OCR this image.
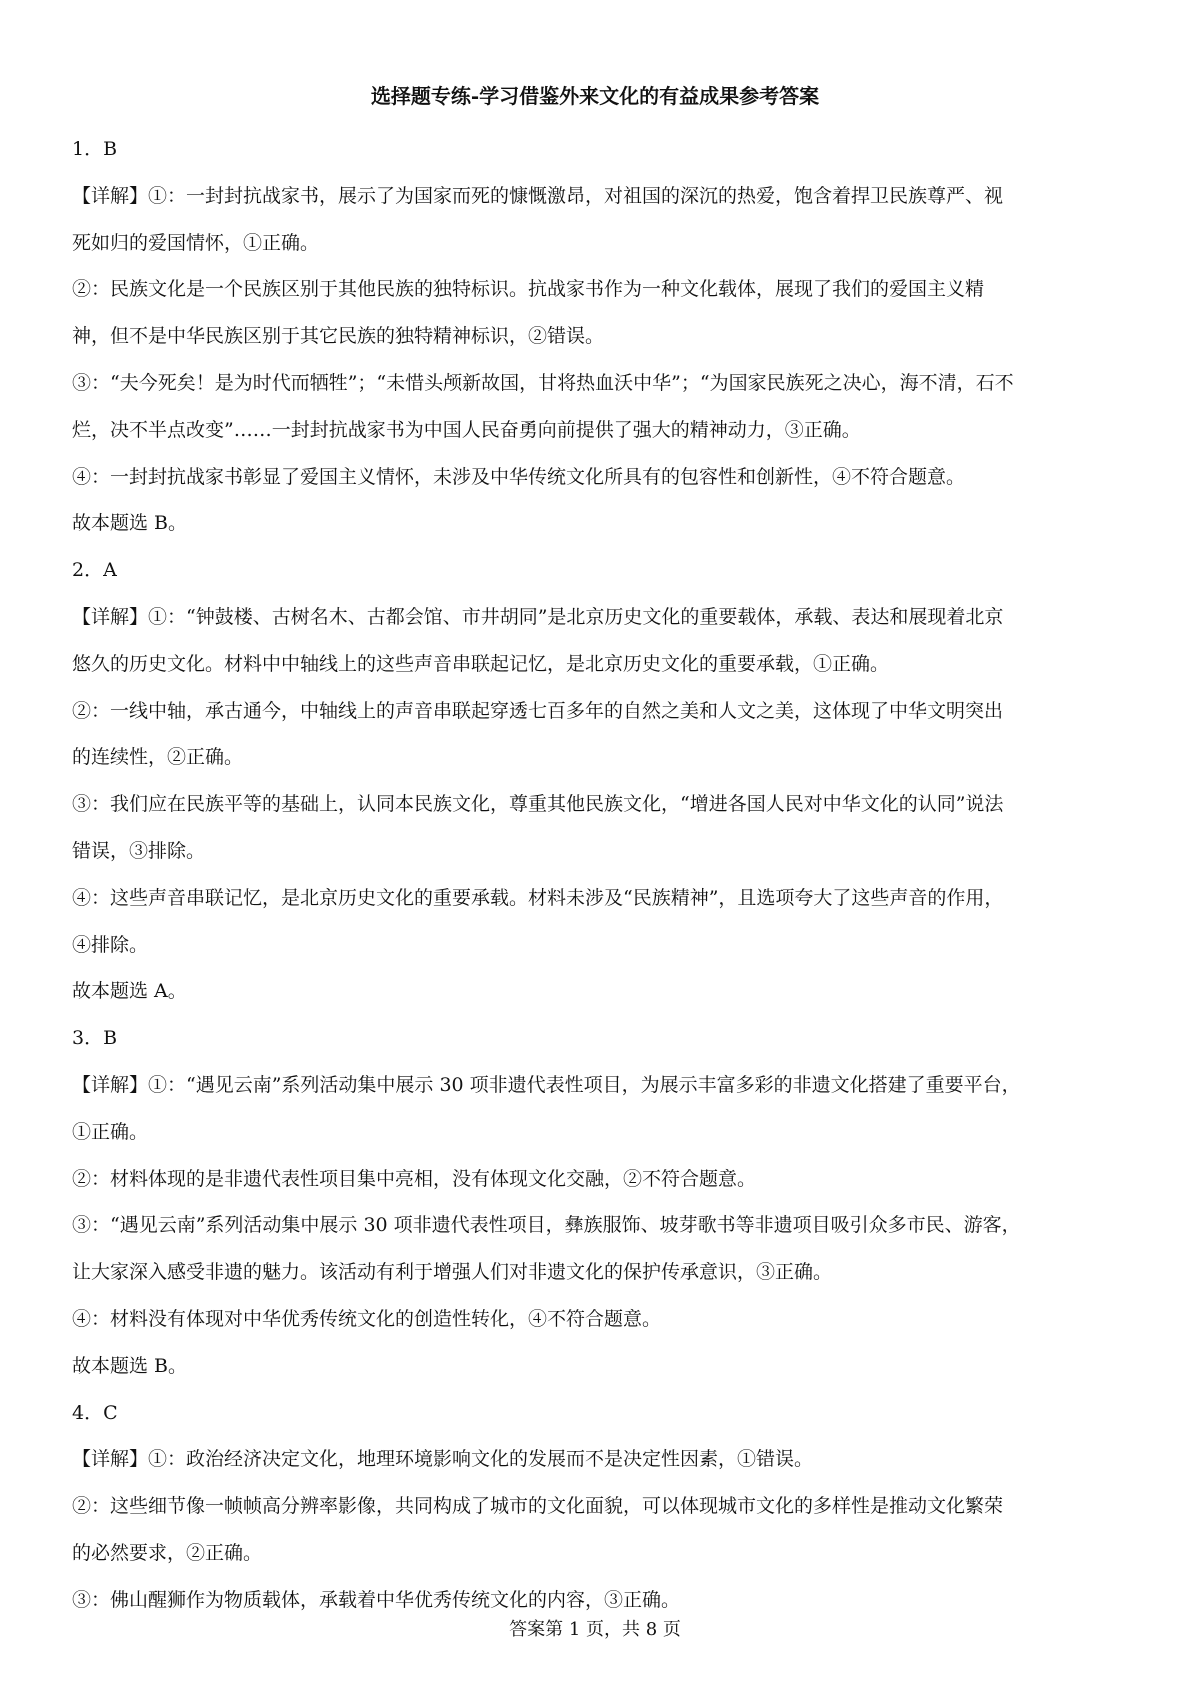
选择题专练-学习借鉴外来文化的有益成果参考答案
1．B
【详解】①：一封封抗战家书，展示了为国家而死的慷慨激昂，对祖国的深沉的热爱，饱含着捍卫民族尊严、视
死如归的爱国情怀，①正确。
②：民族文化是一个民族区别于其他民族的独特标识。抗战家书作为一种文化载体，展现了我们的爱国主义精
神，但不是中华民族区别于其它民族的独特精神标识，②错误。
③：“夫今死矣！是为时代而牺牲”；“未惜头颅新故国，甘将热血沃中华”；“为国家民族死之决心，海不清，石不
烂，决不半点改变”……一封封抗战家书为中国人民奋勇向前提供了强大的精神动力，③正确。
④：一封封抗战家书彰显了爱国主义情怀，未涉及中华传统文化所具有的包容性和创新性，④不符合题意。
故本题选 B。
2．A
【详解】①：“钟鼓楼、古树名木、古都会馆、市井胡同”是北京历史文化的重要载体，承载、表达和展现着北京
悠久的历史文化。材料中中轴线上的这些声音串联起记忆，是北京历史文化的重要承载，①正确。
②：一线中轴，承古通今，中轴线上的声音串联起穿透七百多年的自然之美和人文之美，这体现了中华文明突出
的连续性，②正确。
③：我们应在民族平等的基础上，认同本民族文化，尊重其他民族文化，“增进各国人民对中华文化的认同”说法
错误，③排除。
④：这些声音串联记忆，是北京历史文化的重要承载。材料未涉及“民族精神”，且选项夸大了这些声音的作用，
④排除。
故本题选 A。
3．B
【详解】①：“遇见云南”系列活动集中展示 30 项非遗代表性项目，为展示丰富多彩的非遗文化搭建了重要平台，
①正确。
②：材料体现的是非遗代表性项目集中亮相，没有体现文化交融，②不符合题意。
③：“遇见云南”系列活动集中展示 30 项非遗代表性项目，彝族服饰、坡芽歌书等非遗项目吸引众多市民、游客，
让大家深入感受非遗的魅力。该活动有利于增强人们对非遗文化的保护传承意识，③正确。
④：材料没有体现对中华优秀传统文化的创造性转化，④不符合题意。
故本题选 B。
4．C
【详解】①：政治经济决定文化，地理环境影响文化的发展而不是决定性因素，①错误。
②：这些细节像一帧帧高分辨率影像，共同构成了城市的文化面貌，可以体现城市文化的多样性是推动文化繁荣
的必然要求，②正确。
③：佛山醒狮作为物质载体，承载着中华优秀传统文化的内容，③正确。
答案第 1 页，共 8 页
